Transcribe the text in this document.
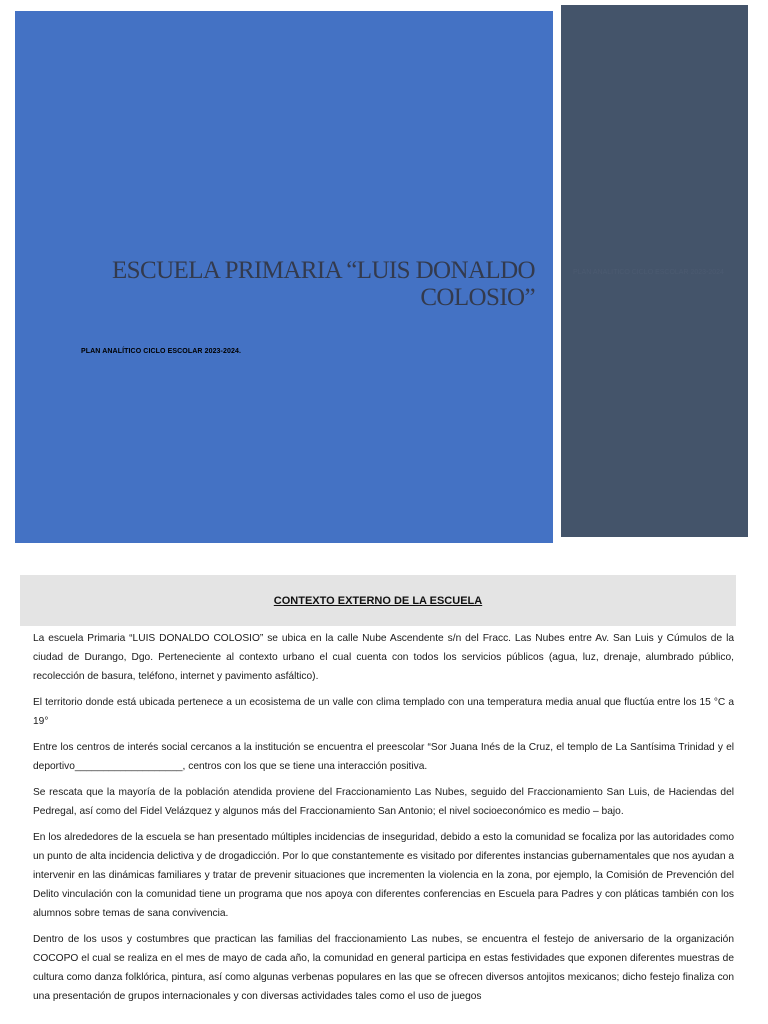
ESCUELA PRIMARIA “LUIS DONALDO COLOSIO”
PLAN ANALÍTICO CICLO ESCOLAR 2023-2024.
PLAN ANALÍTICO CICLO ESCOLAR 2023-2024
CONTEXTO EXTERNO DE LA ESCUELA

La escuela Primaria “LUIS DONALDO COLOSIO” se ubica en la calle Nube Ascendente s/n del Fracc. Las Nubes entre Av. San Luis y Cúmulos de la ciudad de Durango, Dgo. Perteneciente al contexto urbano el cual cuenta con todos los servicios públicos (agua, luz, drenaje, alumbrado público, recolección de basura, teléfono, internet y pavimento asfáltico).

El territorio donde está ubicada pertenece a un ecosistema de un valle con clima templado con una temperatura media anual que fluctúa entre los 15 °C a 19°

Entre los centros de interés social cercanos a la institución se encuentra el preescolar “Sor Juana Inés de la Cruz, el templo de La Santísima Trinidad y el deportivo___________________, centros con los que se tiene una interacción positiva.

Se rescata que la mayoría de la población atendida proviene del Fraccionamiento Las Nubes, seguido del Fraccionamiento San Luis, de Haciendas del Pedregal, así como del Fidel Velázquez y algunos más del Fraccionamiento San Antonio; el nivel socioeconómico es medio – bajo.

En los alrededores de la escuela se han presentado múltiples incidencias de inseguridad, debido a esto la comunidad se focaliza por las autoridades como un punto de alta incidencia delictiva y de drogadicción. Por lo que constantemente es visitado por diferentes instancias gubernamentales que nos ayudan a intervenir en las dinámicas familiares y tratar de prevenir situaciones que incrementen la violencia en la zona, por ejemplo, la Comisión de Prevención del Delito vinculación con la comunidad tiene un programa que nos apoya con diferentes conferencias en Escuela para Padres y con pláticas también con los alumnos sobre temas de sana convivencia.

Dentro de los usos y costumbres que practican las familias del fraccionamiento Las nubes, se encuentra el festejo de aniversario de la organización COCOPO el cual se realiza en el mes de mayo de cada año, la comunidad en general participa en estas festividades que exponen diferentes muestras de cultura como danza folklórica, pintura, así como algunas verbenas populares en las que se ofrecen diversos antojitos mexicanos; dicho festejo finaliza con una presentación de grupos internacionales y con diversas actividades tales como el uso de juegos
